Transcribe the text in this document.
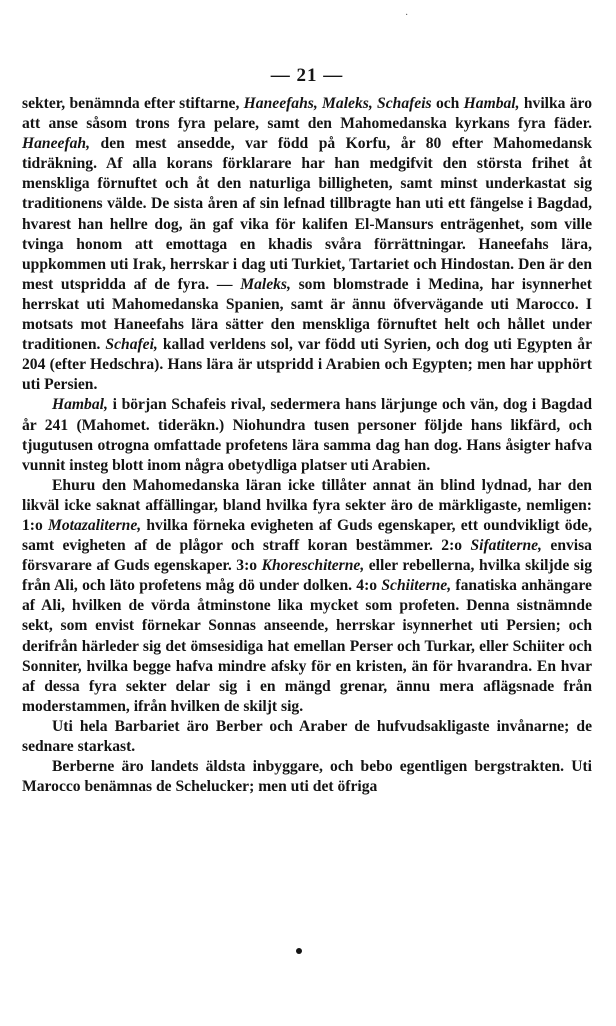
— 21 —

sekter, benämnda efter stiftarne, Haneefahs, Maleks, Schafeis och Hambal, hvilka äro att anse såsom trons fyra pelare, samt den Mahomedanska kyrkans fyra fäder. Haneefah, den mest ansedde, var född på Korfu, år 80 efter Mahomedansk tidräkning. Af alla korans förklarare har han medgifvit den största frihet åt menskliga förnuftet och åt den naturliga billigheten, samt minst underkastat sig traditionens välde. De sista åren af sin lefnad tillbragte han uti ett fängelse i Bagdad, hvarest han hellre dog, än gaf vika för kalifen El-Mansurs enträgenhet, som ville tvinga honom att emottaga en khadis svåra förrättningar. Haneefahs lära, uppkommen uti Irak, herrskar i dag uti Turkiet, Tartariet och Hindostan. Den är den mest utspridda af de fyra. — Maleks, som blomstrade i Medina, har isynnerhet herrskat uti Mahomedanska Spanien, samt är ännu öfvervägande uti Marocco. I motsats mot Haneefahs lära sätter den menskliga förnuftet helt och hållet under traditionen. Schafei, kallad verldens sol, var född uti Syrien, och dog uti Egypten år 204 (efter Hedschra). Hans lära är utspridd i Arabien och Egypten; men har upphört uti Persien.

Hambal, i början Schafeis rival, sedermera hans lärjunge och vän, dog i Bagdad år 241 (Mahomet. tideräkn.) Niohundra tusen personer följde hans likfärd, och tjugutusen otrogna omfattade profetens lära samma dag han dog. Hans åsigter hafva vunnit insteg blott inom några obetydliga platser uti Arabien.

Ehuru den Mahomedanska läran icke tillåter annat än blind lydnad, har den likväl icke saknat affällingar, bland hvilka fyra sekter äro de märkligaste, nemligen: 1:o Motazaliterne, hvilka förneka evigheten af Guds egenskaper, ett oundvikligt öde, samt evigheten af de plågor och straff koran bestämmer. 2:o Sifatiterne, envisa försvarare af Guds egenskaper. 3:o Khoreschiterne, eller rebellerna, hvilka skiljde sig från Ali, och läto profetens måg dö under dolken. 4:o Schiiterne, fanatiska anhängare af Ali, hvilken de vörda åtminstone lika mycket som profeten. Denna sistnämnde sekt, som envist förnekar Sonnas anseende, herrskar isynnerhet uti Persien; och derifrån härleder sig det ömsesidiga hat emellan Perser och Turkar, eller Schiiter och Sonniter, hvilka begge hafva mindre afsky för en kristen, än för hvarandra. En hvar af dessa fyra sekter delar sig i en mängd grenar, ännu mera aflägsnade från moderstammen, ifrån hvilken de skiljt sig.

Uti hela Barbariet äro Berber och Araber de hufvudsakligaste invånarne; de sednare starkast.

Berberne äro landets äldsta inbyggare, och bebo egentligen bergstrakten. Uti Marocco benämnas de Schelucker; men uti det öfriga

·
